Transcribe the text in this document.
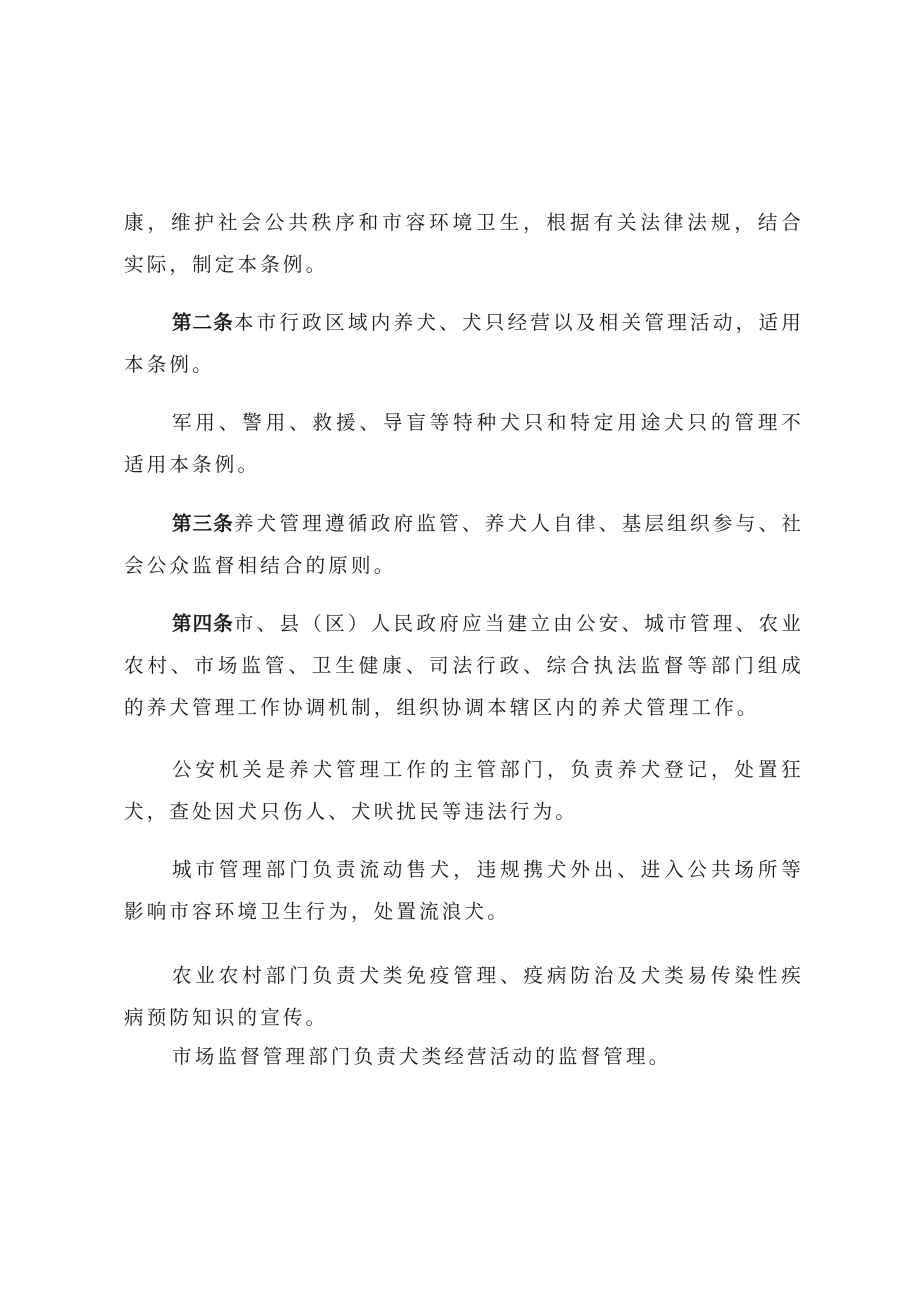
康，维护社会公共秩序和市容环境卫生，根据有关法律法规，结合实际，制定本条例。

第二条本市行政区域内养犬、犬只经营以及相关管理活动，适用本条例。

军用、警用、救援、导盲等特种犬只和特定用途犬只的管理不适用本条例。

第三条养犬管理遵循政府监管、养犬人自律、基层组织参与、社会公众监督相结合的原则。

第四条市、县（区）人民政府应当建立由公安、城市管理、农业农村、市场监管、卫生健康、司法行政、综合执法监督等部门组成的养犬管理工作协调机制，组织协调本辖区内的养犬管理工作。

公安机关是养犬管理工作的主管部门，负责养犬登记，处置狂犬，查处因犬只伤人、犬吠扰民等违法行为。

城市管理部门负责流动售犬，违规携犬外出、进入公共场所等影响市容环境卫生行为，处置流浪犬。

农业农村部门负责犬类免疫管理、疫病防治及犬类易传染性疾病预防知识的宣传。

市场监督管理部门负责犬类经营活动的监督管理。
